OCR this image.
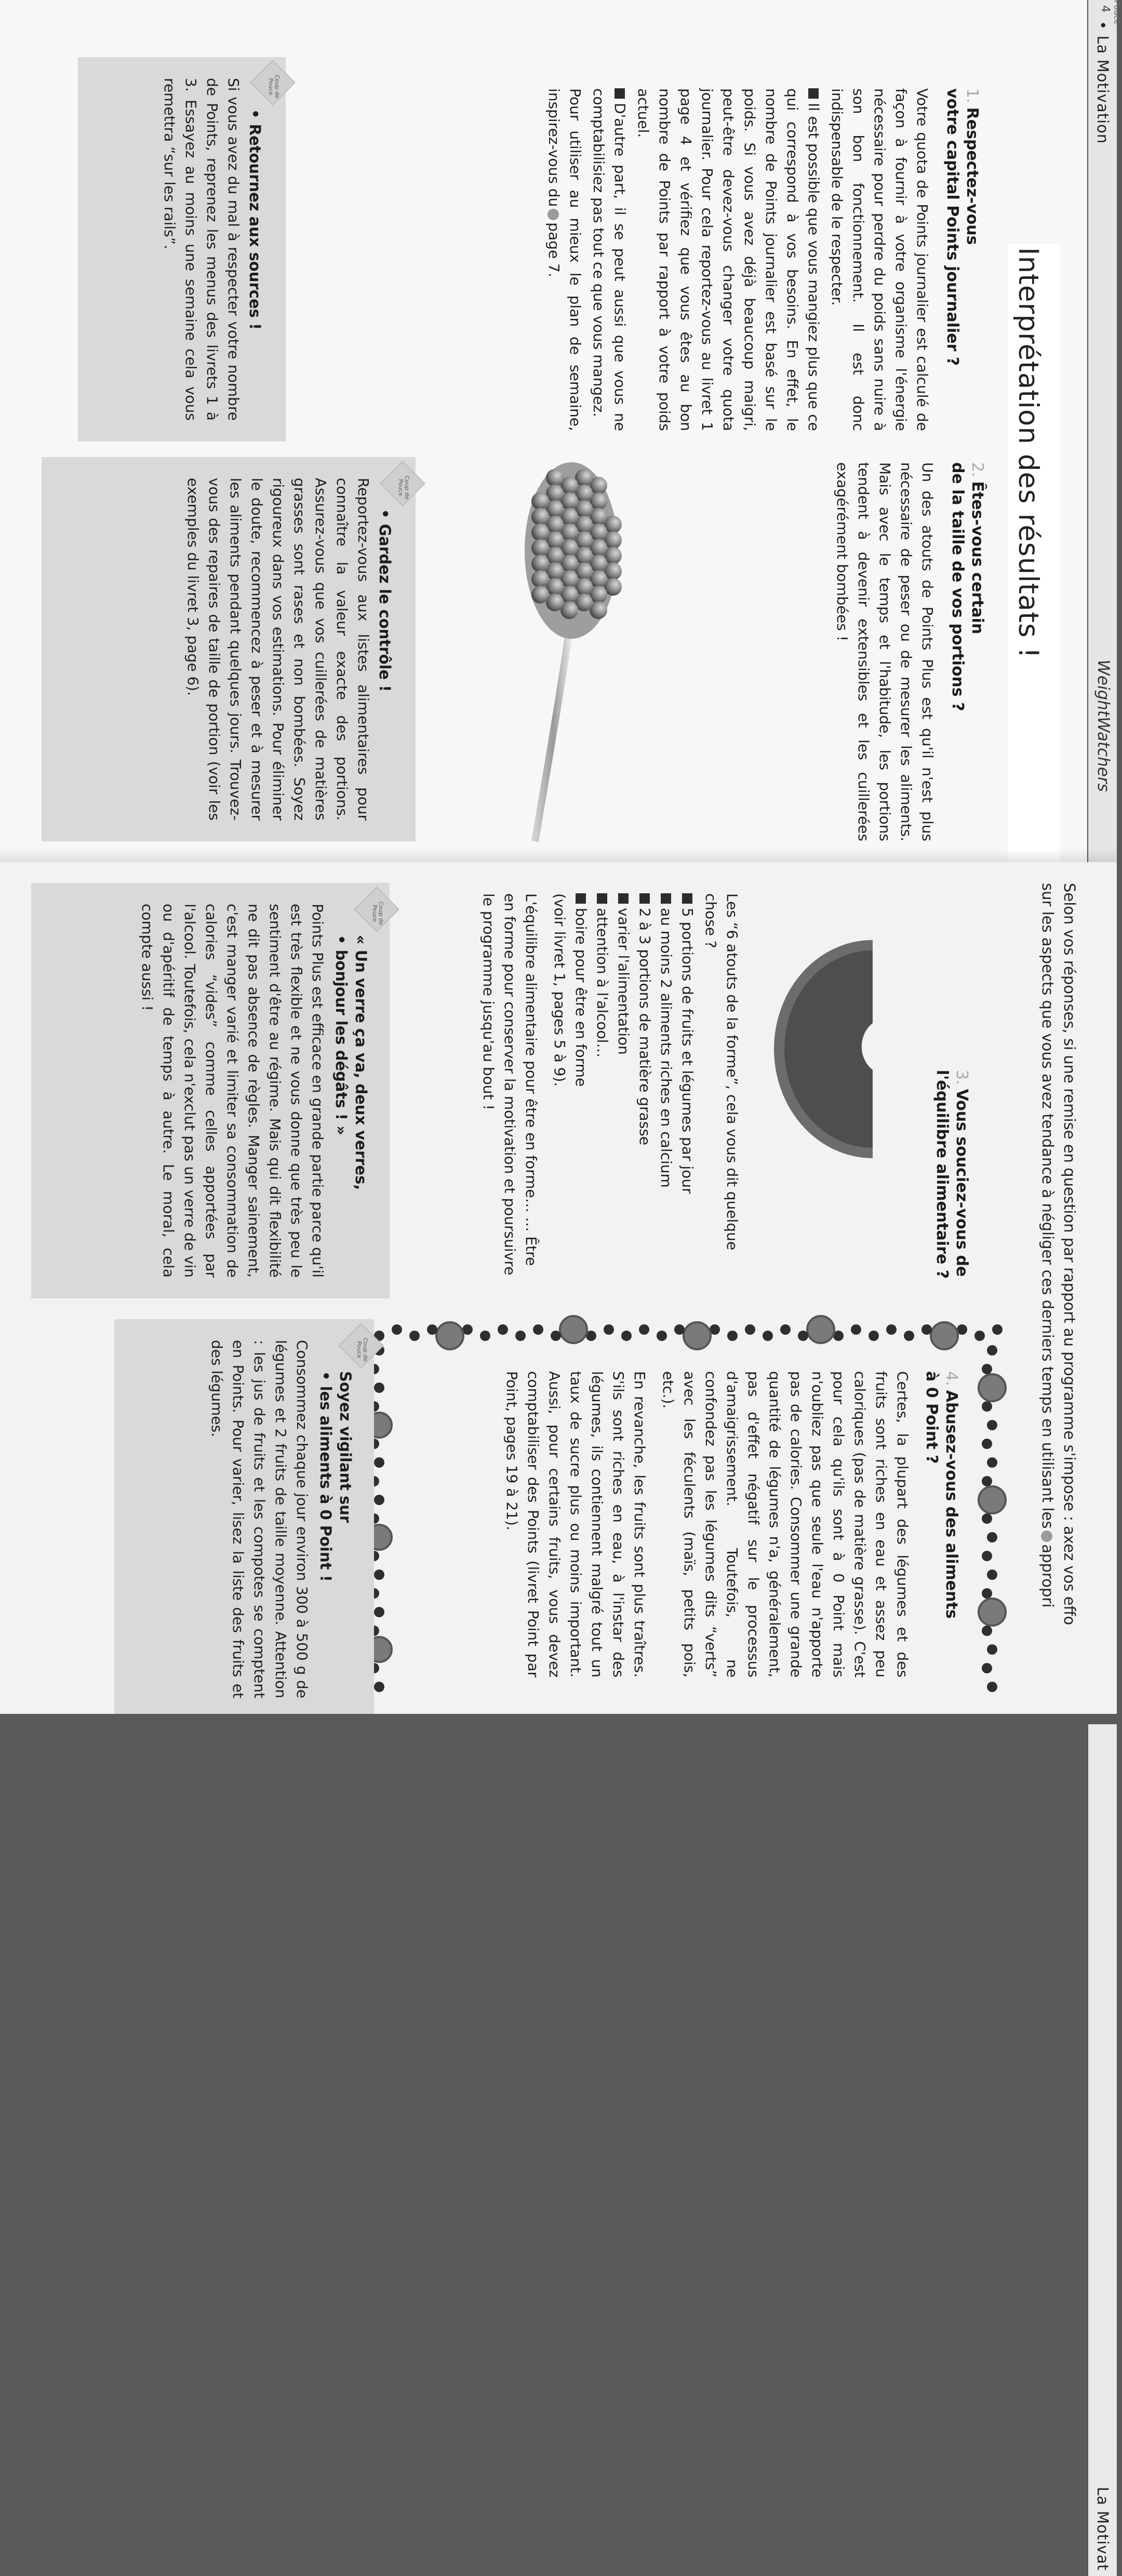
4 Pouce
• La Motivation
WeightWatchers
Interprétation des résultats !
1.Respectez-vous
votre capital Points journalier ?

Votre quota de Points journalier est calculé de façon à fournir à votre organisme l'énergie nécessaire pour perdre du poids sans nuire à son bon fonctionnement. Il est donc indispensable de le respecter.

Il est possible que vous mangiez plus que ce qui correspond à vos besoins. En effet, le nombre de Points journalier est basé sur le poids. Si vous avez déjà beaucoup maigri, peut-être devez-vous changer votre quota journalier. Pour cela reportez-vous au livret 1 page 4 et vérifiez que vous êtes au bon nombre de Points par rapport à votre poids actuel.

D'autre part, il se peut aussi que vous ne comptabilisiez pas tout ce que vous mangez.

Pour utiliser au mieux le plan de semaine, inspirez-vous dupage 7.

Coup de Pouce
• Retournez aux sources !
Si vous avez du mal à respecter votre nombre de Points, reprenez les menus des livrets 1 à 3. Essayez au moins une semaine cela vous remettra “sur les rails”.
2.Êtes-vous certain
de la taille de vos portions ?
Un des atouts de Points Plus est qu'il n'est plus nécessaire de peser ou de mesurer les aliments. Mais avec le temps et l'habitude, les portions tendent à devenir extensibles et les cuillerées exagérément bombées !
Coup de Pouce
• Gardez le contrôle !
Reportez-vous aux listes alimentaires pour connaître la valeur exacte des portions. Assurez-vous que vos cuillerées de matières grasses sont rases et non bombées. Soyez rigoureux dans vos estimations. Pour éliminer le doute, recommencez à peser et à mesurer les aliments pendant quelques jours. Trouvez-vous des repaires de taille de portion (voir les exemples du livret 3, page 6).
La Motivat
Selon vos réponses, si une remise en question par rapport au programme s'impose : axez vos effo
sur les aspects que vous avez tendance à négliger ces derniers temps en utilisant lesappropri
3.Vous souciez-vous de
l'équilibre alimentaire ?

Les “6 atouts de la forme”, cela vous dit quelque chose ?

5 portions de fruits et légumes par jour
au moins 2 aliments riches en calcium
2 à 3 portions de matière grasse
varier l'alimentation
attention à l'alcool…
boire pour être en forme

(voir livret 1, pages 5 à 9).

L'équilibre alimentaire pour être en forme… … Être en forme pour conserver la motivation et poursuivre le programme jusqu'au bout !

Coup de Pouce
« Un verre ça va, deux verres,
• bonjour les dégâts ! »
Points Plus est efficace en grande partie parce qu'il est très flexible et ne vous donne que très peu le sentiment d'être au régime. Mais qui dit flexibilité ne dit pas absence de règles. Manger sainement, c'est manger varié et limiter sa consommation de calories “vides” comme celles apportées par l'alcool. Toutefois, cela n'exclut pas un verre de vin ou d'apéritif de temps à autre. Le moral, cela compte aussi !
4.Abusez-vous des aliments
à 0 Point ?

Certes, la plupart des légumes et des fruits sont riches en eau et assez peu caloriques (pas de matière grasse). C'est pour cela qu'ils sont à 0 Point mais n'oubliez pas que seule l'eau n'apporte pas de calories. Consommer une grande quantité de légumes n'a, généralement, pas d'effet négatif sur le processus d'amaigrissement. Toutefois, ne confondez pas les légumes dits “verts” avec les féculents (maïs, petits pois, etc.).

En revanche, les fruits sont plus traîtres. S'ils sont riches en eau, à l'instar des légumes, ils contiennent malgré tout un taux de sucre plus ou moins important. Aussi, pour certains fruits, vous devez comptabiliser des Points (livret Point par Point, pages 19 à 21).

Coup de Pouce
Soyez vigilant sur
• les aliments à 0 Point !
Consommez chaque jour environ 300 à 500 g de légumes et 2 fruits de taille moyenne. Attention : les jus de fruits et les compotes se comptent en Points. Pour varier, lisez la liste des fruits et des légumes.
